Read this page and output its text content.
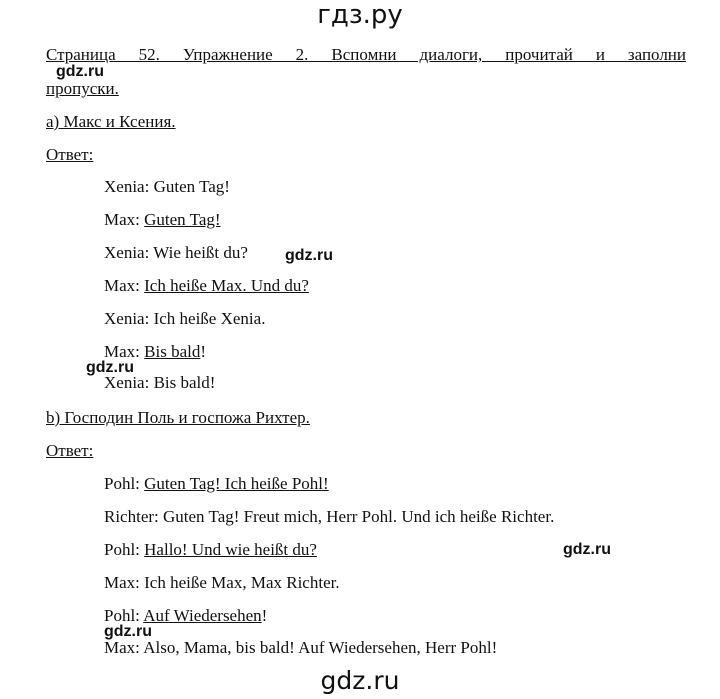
гдз.ру
Страница 52. Упражнение 2. Вспомни диалоги, прочитай и заполни
пропуски.
а) Макс и Ксения.
Ответ:
Xenia: Guten Tag!
Max: Guten Tag!
Xenia: Wie heißt du?
Max: Ich heiße Max. Und du?
Xenia: Ich heiße Xenia.
Max: Bis bald!
Xenia: Bis bald!
b) Господин Поль и госпожа Рихтер.
Ответ:
Pohl: Guten Tag! Ich heiße Pohl!
Richter: Guten Tag! Freut mich, Herr Pohl. Und ich heiße Richter.
Pohl: Hallo! Und wie heißt du?
Max: Ich heiße Max, Max Richter.
Pohl: Auf Wiedersehen!
Max: Also, Mama, bis bald! Auf Wiedersehen, Herr Pohl!
gdz.ru
gdz.ru
gdz.ru
gdz.ru
gdz.ru
gdz.ru
